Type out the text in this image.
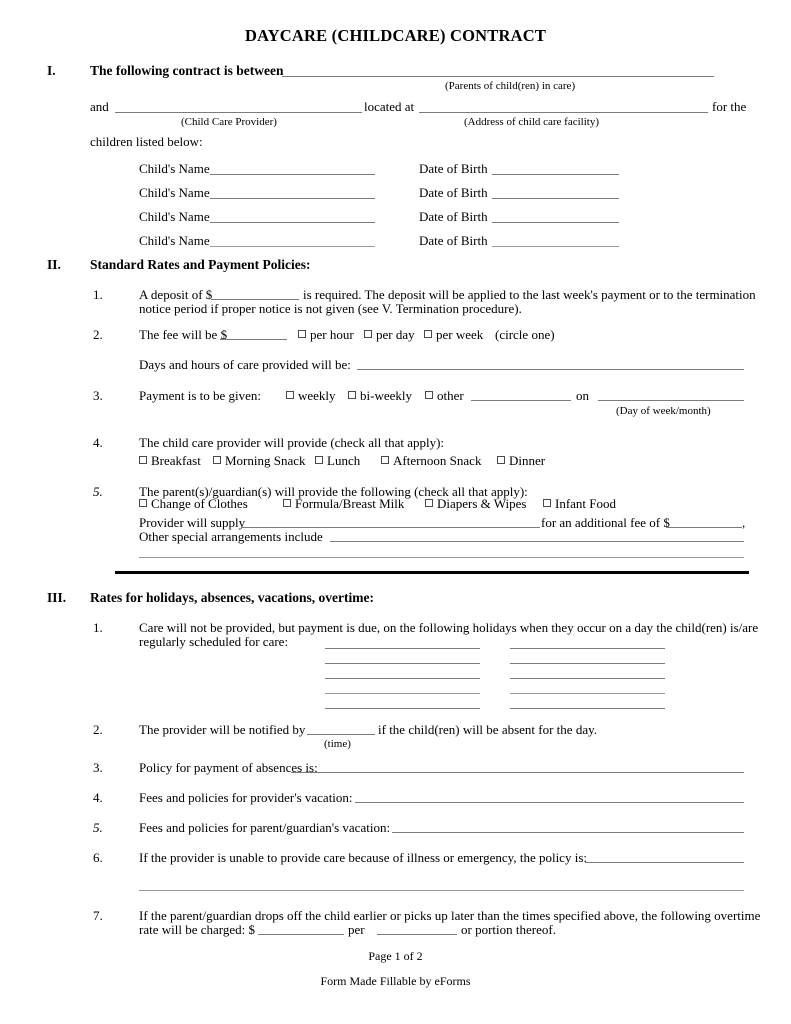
DAYCARE (CHILDCARE) CONTRACT
I.	The following contract is between
(Parents of child(ren) in care)
and	located at	for the
(Child Care Provider)	(Address of child care facility)
children listed below:
Child's Name	Date of Birth
Child's Name	Date of Birth
Child's Name	Date of Birth
Child's Name	Date of Birth
II. Standard Rates and Payment Policies:
1.	A deposit of $	is required. The deposit will be applied to the last week's payment or to the termination
notice period if proper notice is not given (see V. Termination procedure).
2.	The fee will be $	per hour	per day	per week (circle one)
Days and hours of care provided will be:
3.	Payment is to be given:	weekly	bi-weekly	other	on
(Day of week/month)
4.	The child care provider will provide (check all that apply):
Breakfast	Morning Snack	Lunch	Afternoon Snack	Dinner
5.	The parent(s)/guardian(s) will provide the following (check all that apply):
Change of Clothes	Formula/Breast Milk	Diapers & Wipes	Infant Food
Provider will supply	for an additional fee of $	,
Other special arrangements include
III. Rates for holidays, absences, vacations, overtime:
1.	Care will not be provided, but payment is due, on the following holidays when they occur on a day the child(ren) is/are
regularly scheduled for care:
2.	The provider will be notified by	if the child(ren) will be absent for the day.
(time)
3.	Policy for payment of absences is:
4.	Fees and policies for provider's vacation:
5.	Fees and policies for parent/guardian's vacation:
6.	If the provider is unable to provide care because of illness or emergency, the policy is:
7.	If the parent/guardian drops off the child earlier or picks up later than the times specified above, the following overtime
rate will be charged: $	per	or portion thereof.
Page 1 of 2
Form Made Fillable by eForms
